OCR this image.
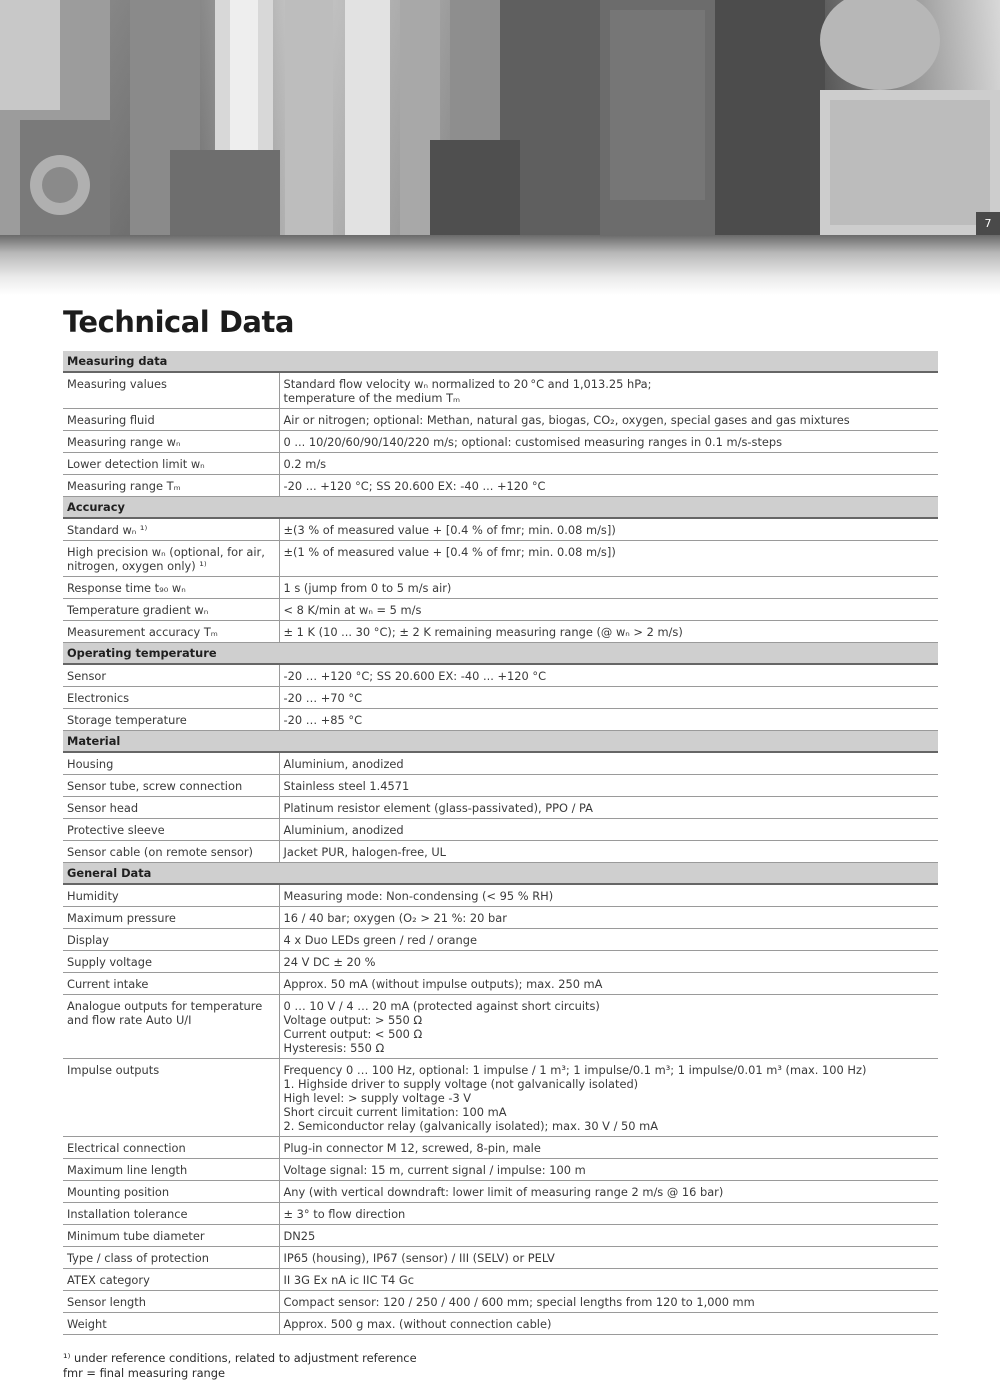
7
Technical Data
Measuring data	
Measuring values	Standard flow velocity wₙ normalized to 20 °C and 1,013.25 hPa;
temperature of the medium Tₘ
Measuring fluid	Air or nitrogen; optional: Methan, natural gas, biogas, CO₂, oxygen, special gases and gas mixtures
Measuring range wₙ	0 ... 10/20/60/90/140/220 m/s; optional: customised measuring ranges in 0.1 m/s-steps
Lower detection limit wₙ	0.2 m/s
Measuring range Tₘ	-20 ... +120 °C; SS 20.600 EX: -40 ... +120 °C
Accuracy	
Standard wₙ ¹⁾	±(3 % of measured value + [0.4 % of fmr; min. 0.08 m/s])
High precision wₙ (optional, for air, nitrogen, oxygen only) ¹⁾	±(1 % of measured value + [0.4 % of fmr; min. 0.08 m/s])
Response time t₉₀ wₙ	1 s (jump from 0 to 5 m/s air)
Temperature gradient wₙ	< 8 K/min at wₙ = 5 m/s
Measurement accuracy Tₘ	± 1 K (10 ... 30 °C); ± 2 K remaining measuring range (@ wₙ > 2 m/s)
Operating temperature	
Sensor	-20 … +120 °C; SS 20.600 EX: -40 ... +120 °C
Electronics	-20 … +70 °C
Storage temperature	-20 … +85 °C
Material	
Housing	Aluminium, anodized
Sensor tube, screw connection	Stainless steel 1.4571
Sensor head	Platinum resistor element (glass-passivated), PPO / PA
Protective sleeve	Aluminium, anodized
Sensor cable (on remote sensor)	Jacket PUR, halogen-free, UL
General Data	
Humidity	Measuring mode: Non-condensing (< 95 % RH)
Maximum pressure	16 / 40 bar; oxygen (O₂ > 21 %: 20 bar
Display	4 x Duo LEDs green / red / orange
Supply voltage	24 V DC ± 20 %
Current intake	Approx. 50 mA (without impulse outputs); max. 250 mA
Analogue outputs for temperature and flow rate Auto U/I	0 … 10 V / 4 … 20 mA (protected against short circuits)
Voltage output: > 550 Ω
Current output: < 500 Ω
Hysteresis: 550 Ω
Impulse outputs	Frequency 0 … 100 Hz, optional: 1 impulse / 1 m³; 1 impulse/0.1 m³; 1 impulse/0.01 m³ (max. 100 Hz)
1. Highside driver to supply voltage (not galvanically isolated)
High level: > supply voltage -3 V
Short circuit current limitation: 100 mA
2. Semiconductor relay (galvanically isolated); max. 30 V / 50 mA
Electrical connection	Plug-in connector M 12, screwed, 8-pin, male
Maximum line length	Voltage signal: 15 m, current signal / impulse: 100 m
Mounting position	Any (with vertical downdraft: lower limit of measuring range 2 m/s @ 16 bar)
Installation tolerance	± 3° to flow direction
Minimum tube diameter	DN25
Type / class of protection	IP65 (housing), IP67 (sensor) / III (SELV) or PELV
ATEX category	II 3G Ex nA ic IIC T4 Gc
Sensor length	Compact sensor: 120 / 250 / 400 / 600 mm; special lengths from 120 to 1,000 mm
Weight	Approx. 500 g max. (without connection cable)
¹⁾ under reference conditions, related to adjustment reference
fmr = final measuring range
